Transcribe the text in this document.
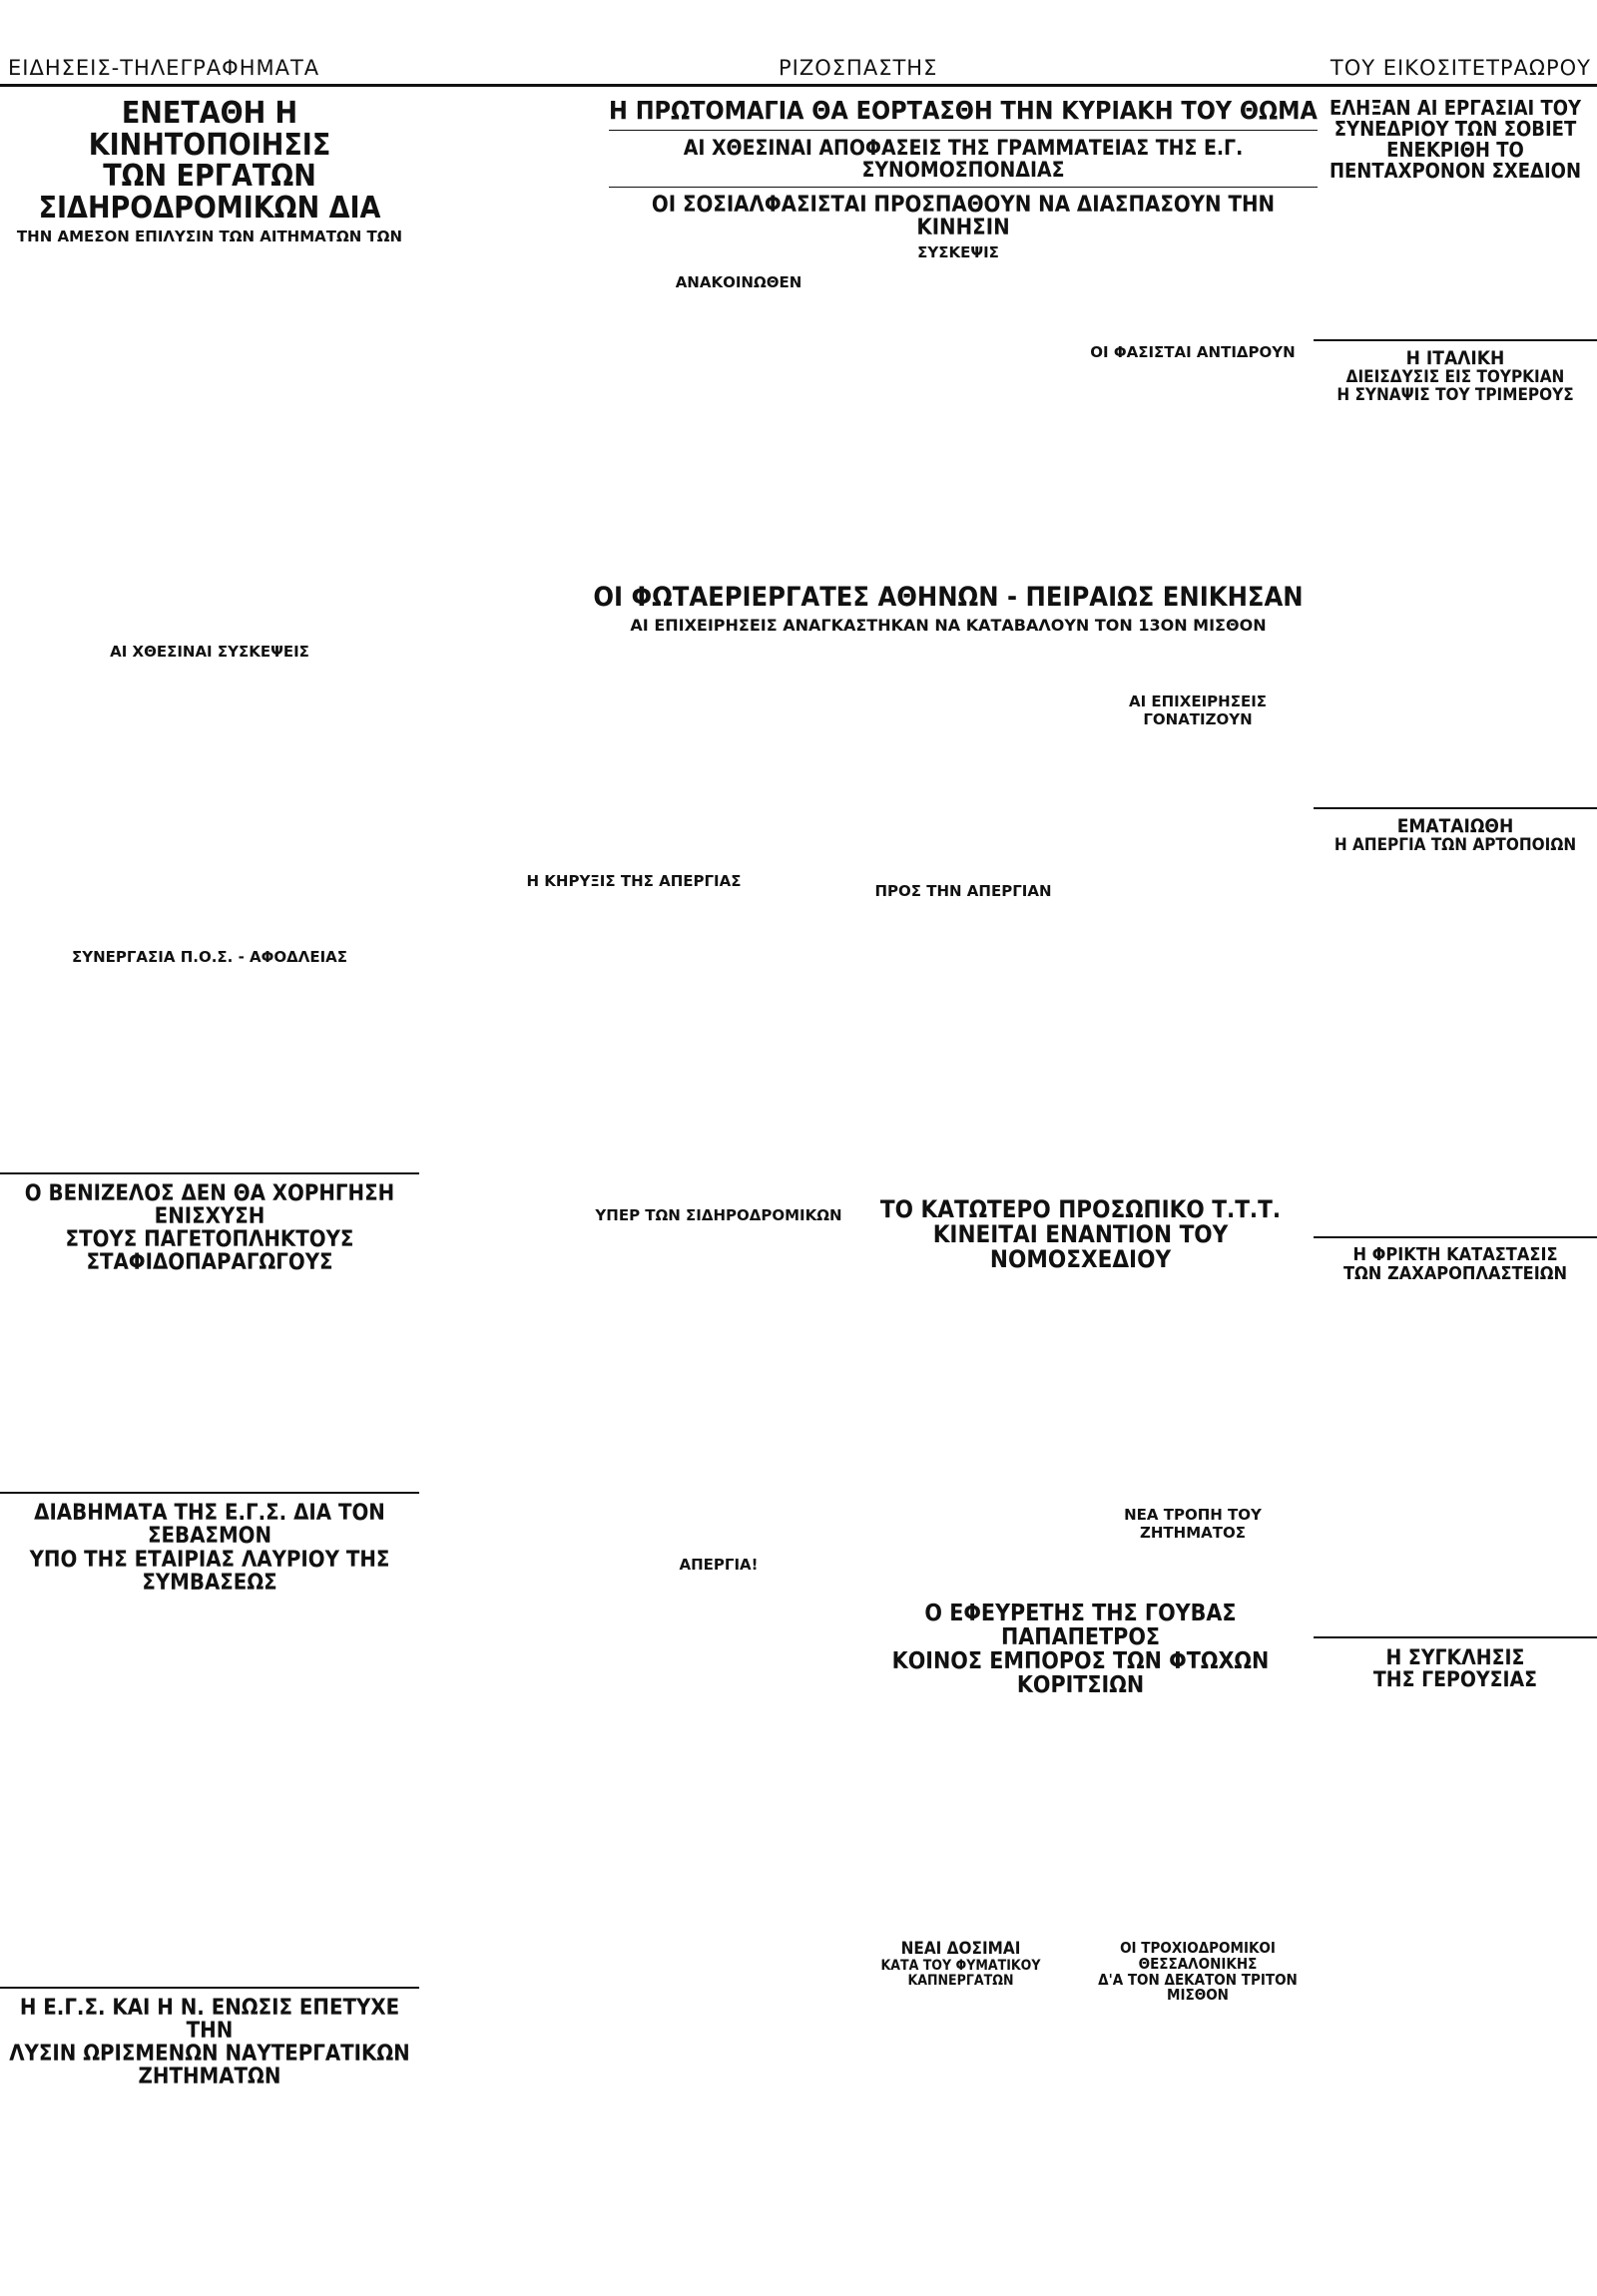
ΕΙΔΗΣΕΙΣ-ΤΗΛΕΓΡΑΦΗΜΑΤΑ	ΡΙΖΟΣΠΑΣΤΗΣ	ΤΟΥ ΕΙΚΟΣΙΤΕΤΡΑΩΡΟΥ

ΕΝΕΤΑΘΗ Η ΚΙΝΗΤΟΠΟΙΗΣΙΣ

ΤΩΝ ΕΡΓΑΤΩΝ ΣΙΔΗΡΟΔΡΟΜΙΚΩΝ ΔΙΑ

ΤΗΝ ΑΜΕΣΟΝ ΕΠΙΛΥΣΙΝ ΤΩΝ ΑΙΤΗΜΑΤΩΝ ΤΩΝ

ΑΙ ΧΘΕΣΙΝΑΙ ΣΥΣΚΕΨΕΙΣ

ΣΥΝΕΡΓΑΣΙΑ Π.Ο.Σ. - ΑΦΟΔΛΕΙΑΣ

Ο ΒΕΝΙΖΕΛΟΣ ΔΕΝ ΘΑ ΧΟΡΗΓΗΣΗ ΕΝΙΣΧΥΣΗ

ΣΤΟΥΣ ΠΑΓΕΤΟΠΛΗΚΤΟΥΣ ΣΤΑΦΙΔΟΠΑΡΑΓΩΓΟΥΣ

ΔΙΑΒΗΜΑΤΑ ΤΗΣ Ε.Γ.Σ. ΔΙΑ ΤΟΝ ΣΕΒΑΣΜΟΝ

ΥΠΟ ΤΗΣ ΕΤΑΙΡΙΑΣ ΛΑΥΡΙΟΥ ΤΗΣ ΣΥΜΒΑΣΕΩΣ

Η Ε.Γ.Σ. ΚΑΙ Η Ν. ΕΝΩΣΙΣ ΕΠΕΤΥΧΕ ΤΗΝ

ΛΥΣΙΝ ΩΡΙΣΜΕΝΩΝ ΝΑΥΤΕΡΓΑΤΙΚΩΝ ΖΗΤΗΜΑΤΩΝ

Η ΠΡΩΤΟΜΑΓΙΑ ΘΑ ΕΟΡΤΑΣΘΗ ΤΗΝ ΚΥΡΙΑΚΗ ΤΟΥ ΘΩΜΑ

ΑΙ ΧΘΕΣΙΝΑΙ ΑΠΟΦΑΣΕΙΣ ΤΗΣ ΓΡΑΜΜΑΤΕΙΑΣ ΤΗΣ Ε.Γ. ΣΥΝΟΜΟΣΠΟΝΔΙΑΣ

ΟΙ ΣΟΣΙΑΛΦΑΣΙΣΤΑΙ ΠΡΟΣΠΑΘΟΥΝ ΝΑ ΔΙΑΣΠΑΣΟΥΝ ΤΗΝ ΚΙΝΗΣΙΝ

Η ΚΗΡΥΞΙΣ ΤΗΣ ΑΠΕΡΓΙΑΣ

ΑΝΑΚΟΙΝΩΘΕΝ

ΣΥΣΚΕΨΙΣ

ΟΙ ΦΑΣΙΣΤΑΙ ΑΝΤΙΔΡΟΥΝ

ΟΙ ΦΩΤΑΕΡΙΕΡΓΑΤΕΣ ΑΘΗΝΩΝ - ΠΕΙΡΑΙΩΣ ΕΝΙΚΗΣΑΝ

ΑΙ ΕΠΙΧΕΙΡΗΣΕΙΣ ΑΝΑΓΚΑΣΤΗΚΑΝ ΝΑ ΚΑΤΑΒΑΛΟΥΝ ΤΟΝ 13ΟΝ ΜΙΣΘΟΝ

ΠΡΟΣ ΤΗΝ ΑΠΕΡΓΙΑΝ

ΑΙ ΕΠΙΧΕΙΡΗΣΕΙΣ ΓΟΝΑΤΙΖΟΥΝ

ΥΠΕΡ ΤΩΝ ΣΙΔΗΡΟΔΡΟΜΙΚΩΝ	ΤΟ ΚΑΤΩΤΕΡΟ ΠΡΟΣΩΠΙΚΟ Τ.Τ.Τ.

ΚΙΝΕΙΤΑΙ ΕΝΑΝΤΙΟΝ ΤΟΥ ΝΟΜΟΣΧΕΔΙΟΥ

ΝΕΑ ΤΡΟΠΗ ΤΟΥ ΖΗΤΗΜΑΤΟΣ

ΑΠΕΡΓΙΑ!

Ο ΕΦΕΥΡΕΤΗΣ ΤΗΣ ΓΟΥΒΑΣ ΠΑΠΑΠΕΤΡΟΣ

ΚΟΙΝΟΣ ΕΜΠΟΡΟΣ ΤΩΝ ΦΤΩΧΩΝ ΚΟΡΙΤΣΙΩΝ

ΝΕΑΙ ΔΟΣΙΜΑΙ

ΚΑΤΑ ΤΟΥ ΦΥΜΑΤΙΚΟΥ ΚΑΠΝΕΡΓΑΤΩΝ

ΟΙ ΤΡΟΧΙΟΔΡΟΜΙΚΟΙ ΘΕΣΣΑΛΟΝΙΚΗΣ

Δ'Α ΤΟΝ ΔΕΚΑΤΟΝ ΤΡΙΤΟΝ ΜΙΣΘΟΝ

ΕΛΗΞΑΝ ΑΙ ΕΡΓΑΣΙΑΙ ΤΟΥ

ΣΥΝΕΔΡΙΟΥ ΤΩΝ ΣΟΒΙΕΤ

ΕΝΕΚΡΙΘΗ ΤΟ

ΠΕΝΤΑΧΡΟΝΟΝ ΣΧΕΔΙΟΝ

Η ΙΤΑΛΙΚΗ

ΔΙΕΙΣΔΥΣΙΣ ΕΙΣ ΤΟΥΡΚΙΑΝ

Η ΣΥΝΑΨΙΣ ΤΟΥ ΤΡΙΜΕΡΟΥΣ

ΕΜΑΤΑΙΩΘΗ

Η ΑΠΕΡΓΙΑ ΤΩΝ ΑΡΤΟΠΟΙΩΝ

Η ΦΡΙΚΤΗ ΚΑΤΑΣΤΑΣΙΣ

ΤΩΝ ΖΑΧΑΡΟΠΛΑΣΤΕΙΩΝ

Η ΣΥΓΚΛΗΣΙΣ

ΤΗΣ ΓΕΡΟΥΣΙΑΣ
